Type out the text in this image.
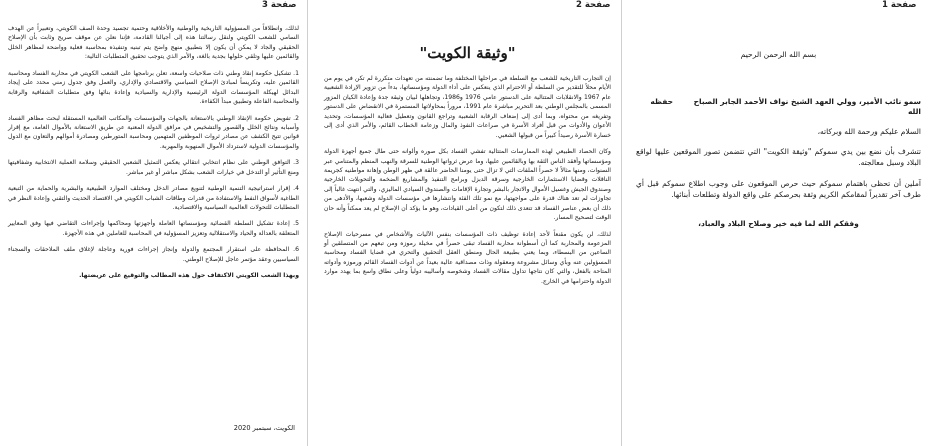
صفحة 1
بسم الله الرحمن الرحيم
سمو نائب الأمير، وولي العهد الشيخ نواف الأحمد الجابر الصباح حفظه الله
السلام عليكم ورحمة الله وبركاته،
تتشرف بأن نضع بين يدي سموكم "وثيقة الكويت" التي تتضمن تصور الموقعين عليها لواقع البلاد وسبل معالجته.
آملين أن تحظى باهتمام سموكم حيث حرص الموقعون على وجوب اطلاع سموكم قبل أي طرف آخر تقديراً لمقامكم الكريم وثقة بحرصكم على واقع الدولة وتطلعات أبنائها.
وفقكم الله لما فيه خير وصلاح البلاد والعباد،
صفحة 2
"وثيقة الكويت"

إن التجارب التاريخية للشعب مع السلطة في مراحلها المختلفة وما تضمنته من تعهدات متكررة لم تكن في يوم من الأيام محلاً للتقدير من السلطة أو الاحترام الذي ينعكس على أداء الدولة ومؤسساتها، بدءاً من تزوير الإرادة الشعبية عام 1967 والانقلابات المتتالية على الدستور عامي 1976 و1986، وتجاهلها لبيان وثيقة جدة وإعادة الكيان المزور المسمى بالمجلس الوطني بعد التحرير مباشرة عام 1991، مروراً بمحاولاتها المستمرة في الانقضاض على الدستور وتفريغه من محتواه، وبما أدى إلى إضعاف الرقابة الشعبية وتراجع القانون وتعطيل فعالية المؤسسات، وتحديد الأعوان والأدوات من قبل أفراد الأسرة في صراعات النفوذ والمال وزعامة الخطاب القائم، والأمر الذي أدى إلى خسارة الأسرة رصيداً كبيراً من قبولها الشعبي.

وكان الحصاد الطبيعي لهذه الممارسات المتتالية تفشي الفساد بكل صوره وألوانه حتى طال جميع أجهزة الدولة ومؤسساتها وأفقد الناس الثقة بها وبالقائمين عليها، وما عرض ثرواتها الوطنية للسرقة والنهب المنظم والمتنامي عبر السنوات، ومنها مثالاً لا حصراً الملفات التي لا تزال حتى يومنا الحاضر عالقة في ظهر الوطن وإهانة مواطنيه كجريمة الناقلات وقضايا الاستثمارات الخارجية وسرقة الدبزل وبرامج التنفيذ والمشاريع الضخمة والتحويلات الخارجية وصندوق الجيش وغسيل الأموال والاتجار بالبشر وتجارة الإقامات والصندوق السيادي الماليزي، والتي انتهت غالباً إلى تجاوزات لم تعد هناك قدرة على مواجهتها، مع نمو تلك الفئة وانتشارها في مؤسسات الدولة وشعبها، والأدهى من ذلك أن بعض عناصر الفساد قد تتعدى ذلك لتكون من أعلى القيادات، وهو ما يؤكد أن الإصلاح لم يعد ممكناً وأنه حان الوقت لتصحيح المسار.

لذلك، لن يكون مقنعاً لأحد إعادة توظيف ذات المؤسسات بنفس الآليات والأشخاص في مسرحيات الإصلاح المزعومة والمحاربة كما أن أسطوانة محاربة الفساد تبقى حصراً في مخيلة رموزه ومن تبعهم من المتسلقين أو الساعين من البسطاء، وبما يعني بطبيعة الحال ومنطق العقل التحقيق والتحري في قضايا الفساد ومحاسبة المسؤولين عنه وبأي وسائل مشروعة ومعقولة وذات مصداقية عالية بعيداً عن أدوات الفساد القائم ورموزه وأدواته المتاحة بالفعل، والتي كان نتاجها تداول مقالات الفساد وشخوصه وأساليبه دولياً وعلى نطاق واسع بما يهدد موارد الدولة واحترامها في الخارج.

صفحة 3

لذلك، وانطلاقاً من المسؤولية التاريخية والوطنية والأخلاقية وحتمية تجسيد وحدة الصف الكويتي، وتعبيراً عن الهدف السامي للشعب الكويتي ولنقل رسالتنا هذه إلى أجيالنا القادمة، فإننا نعلن عن موقف صريح وثابت بأن الإصلاح الحقيقي والجاد لا يمكن أن يكون إلا بتطبيق منهج واضح يتم تبنيه وتنفيذه بمحاسبة فعلية وواضحة لمظاهر الخلل والقائمين عليها وتلقي حلولها بجدية بالغة، والأمر الذي يتوجب تحقيق المتطلبات التالية:

1. تشكيل حكومة إنقاذ وطني ذات صلاحيات واسعة، تعلن برنامجها على الشعب الكويتي في محاربة الفساد ومحاسبة القائمين عليه، وتكريساً لمبادئ الإصلاح السياسي والاقتصادي والإداري، والعمل وفق جدول زمني محدد على إيجاد البدائل لهيكلة المؤسسات الدولة الرئيسية والإدارية والسيادية وإعادة بنائها وفق متطلبات الشفافية والرقابة والمحاسبة الفاعلة وتطبيق مبدأ الكفاءة.

2. تفويض حكومة الإنقاذ الوطني بالاستعانة بالجهات والمؤسسات والمكاتب العالمية المستقلة لبحث مظاهر الفساد وأسبابه ونتائج الخلل والقصور والتشخيص في مرافق الدولة المعنية عن طريق الاستعانة بالأموال العامة، مع إقرار قوانين تتيح الكشف عن مصادر ثروات الموظفين المتهمين ومحاسبة المتورطين ومصادرة أموالهم والتعاون مع الدول والمؤسسات الدولية لاسترداد الأموال المنهوبة والمهربة.

3. التوافق الوطني على نظام انتخابي انتقالي يعكس التمثيل الشعبي الحقيقي وسلامة العملية الانتخابية وشفافيتها ومنع التأثير أو التدخل في خيارات الشعب بشكل مباشر أو غير مباشر.

4. إقرار استراتيجية التنمية الوطنية لتنويع مصادر الدخل ومختلف الموارد الطبيعية والبشرية والحماية من التبعية الطاغية لأسواق النفط والاستفادة من قدرات وطاقات الشباب الكويتي في الاقتصاد الحديث والتقني وإعادة النظر في المتطلبات للتحولات العالمية السياسية والاقتصادية.

5. إعادة تشكيل السلطة القضائية ومؤسساتها العاملة وأجهزتها ومحاكمها وإجراءات التقاضي فيها وفق المعايير المتعلقة بالعدالة والحياد والاستقلالية وتعزيز المسؤولية في المحاسبة للعاملين في هذه الأجهزة.

6. المحافظة على استقرار المجتمع والدولة وإنجاز إجراءات فورية وعاجلة لإغلاق ملف الملاحقات والسجناء السياسيين وعقد مؤتمر عاجل للإصلاح الوطني.

وبهذا الشعب الكويتي الاكتفاف حول هذه المطالب والتوقيع على عريضتها.

الكويت، سبتمبر 2020
